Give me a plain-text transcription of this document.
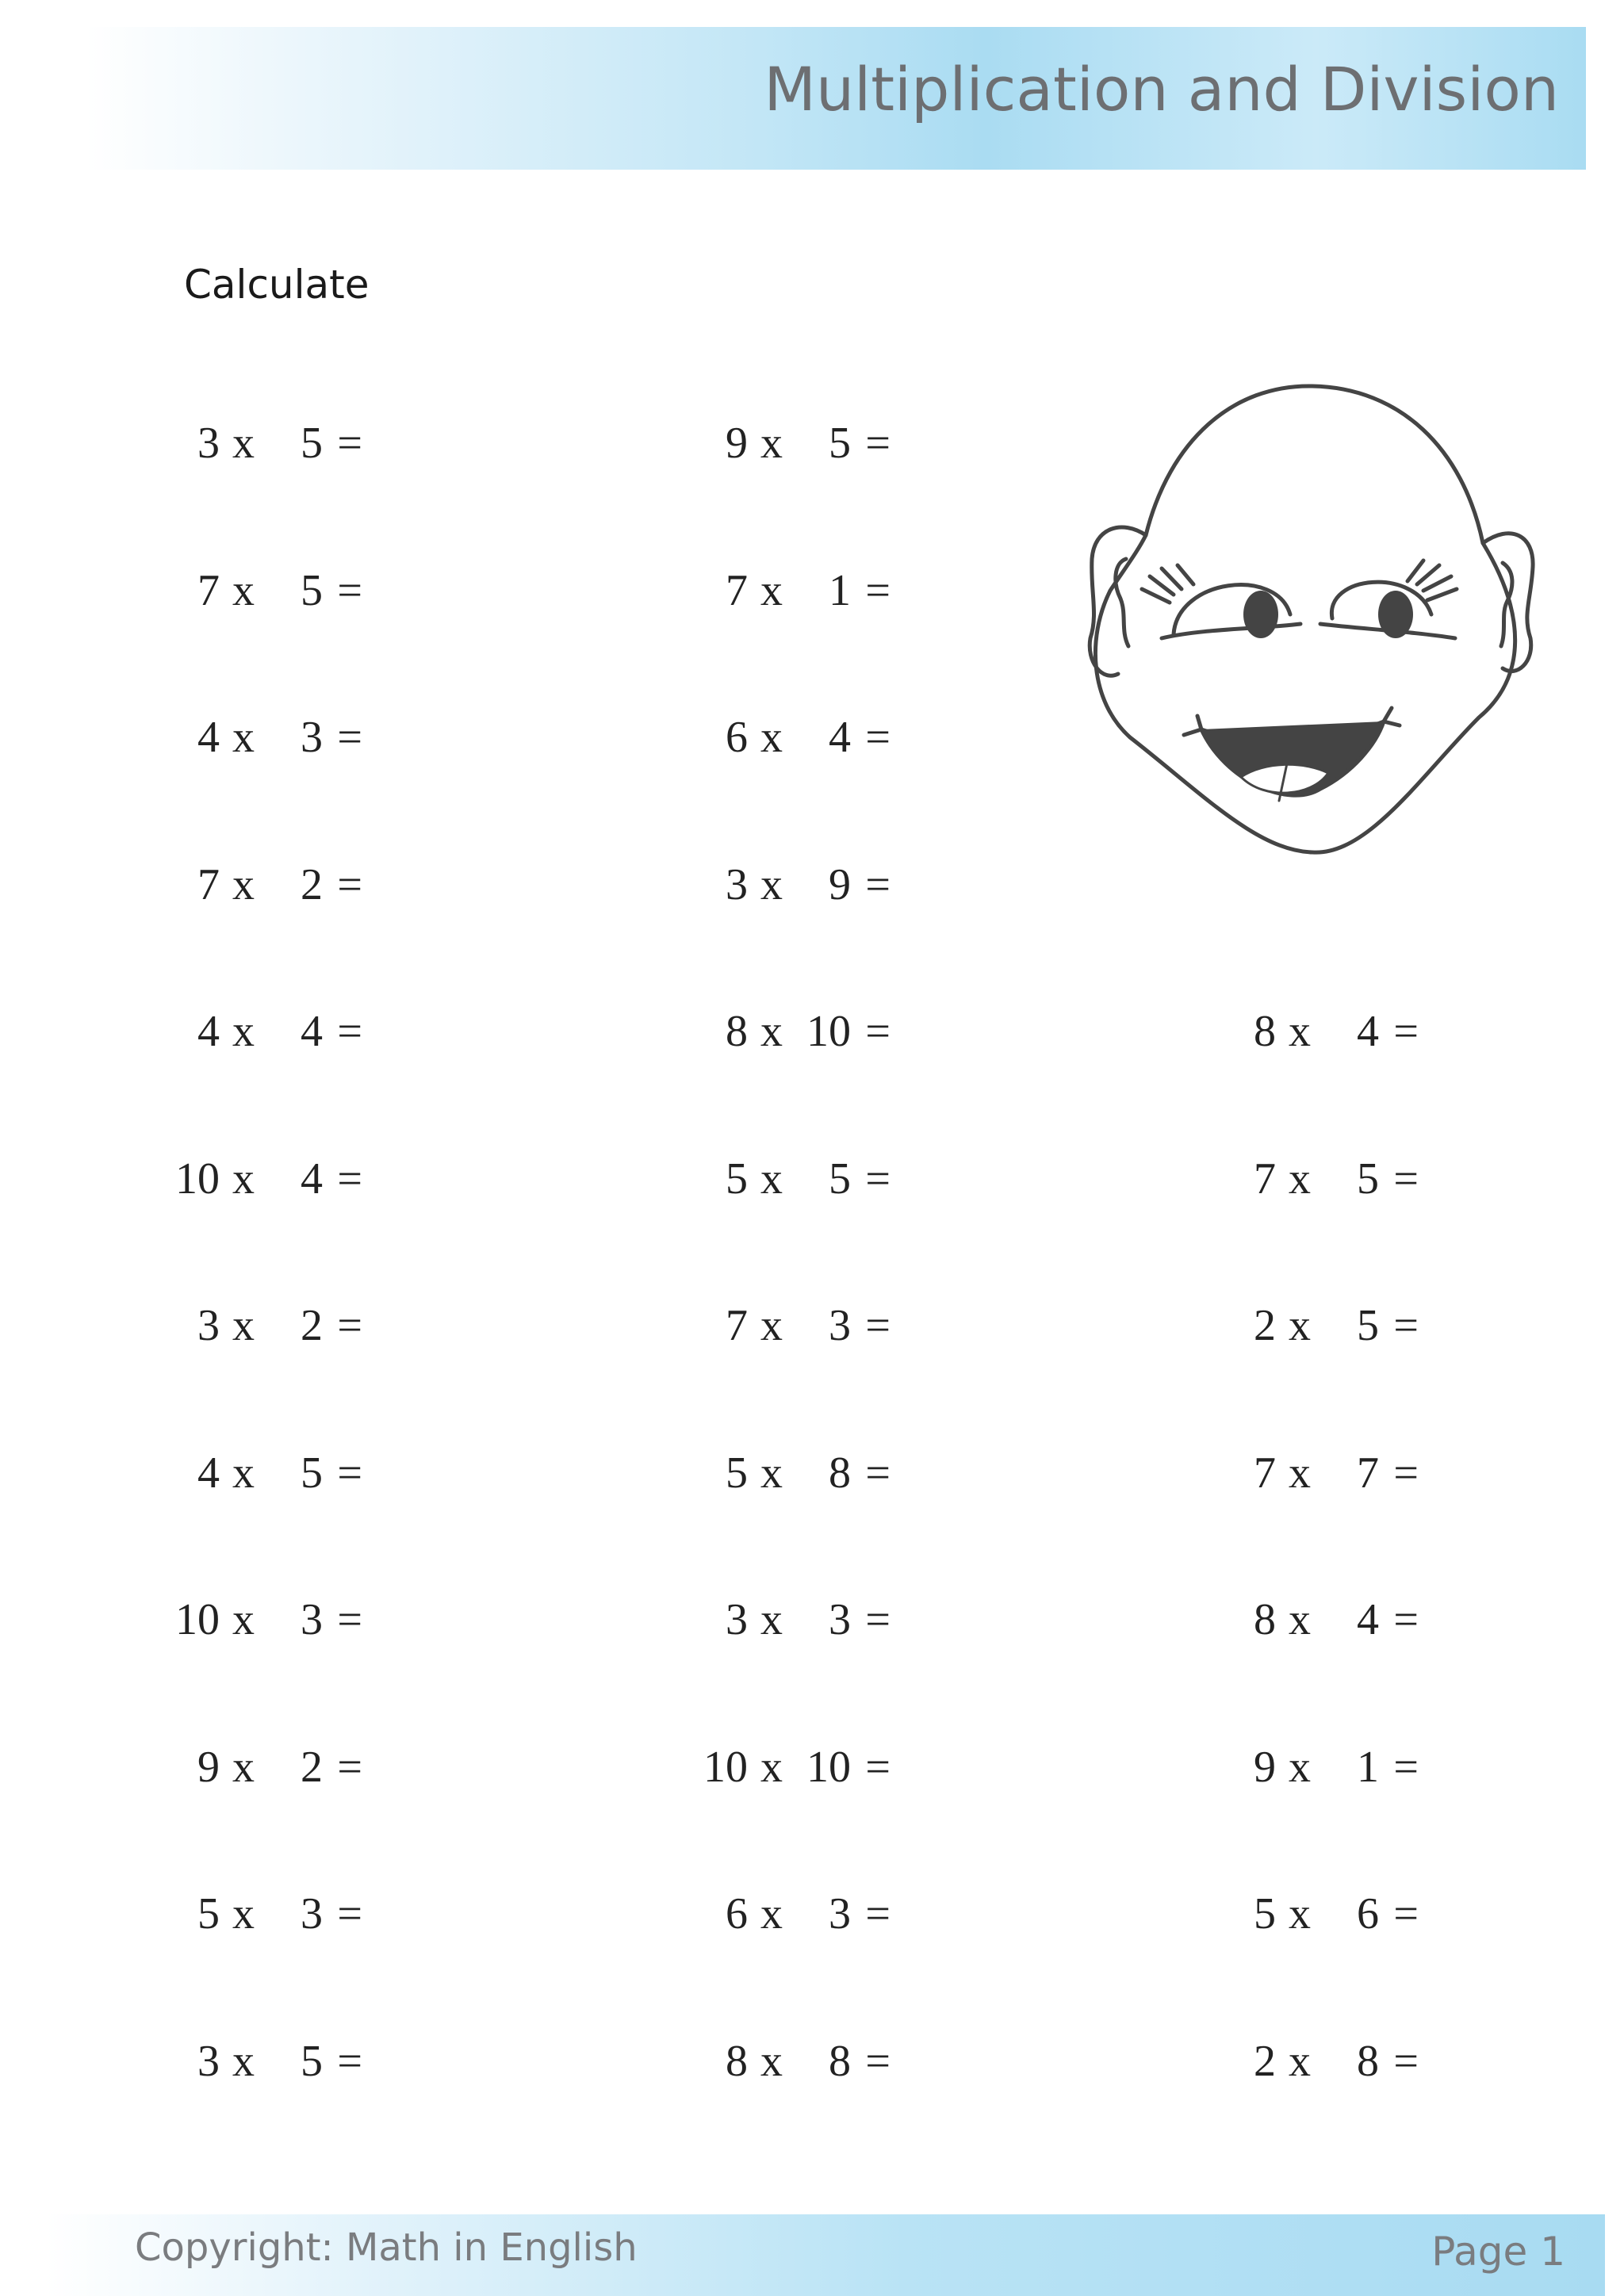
Multiplication and Division
Calculate
3 x	5 =
7 x	5 =
4 x	3 =
7 x	2 =
4 x	4 =
10 x	4 =
3 x	2 =
4 x	5 =
10 x	3 =
9 x	2 =
5 x	3 =
3 x	5 =
9 x	5 =
7 x	1 =
6 x	4 =
3 x	9 =
8 x 10 =
5 x	5 =
7 x	3 =
5 x	8 =
3 x	3 =
10 x 10 =
6 x	3 =
8 x	8 =
8 x	4 =
7 x	5 =
2 x	5 =
7 x	7 =
8 x	4 =
9 x	1 =
5 x	6 =
2 x	8 =
Copyright: Math in English	Page 1
